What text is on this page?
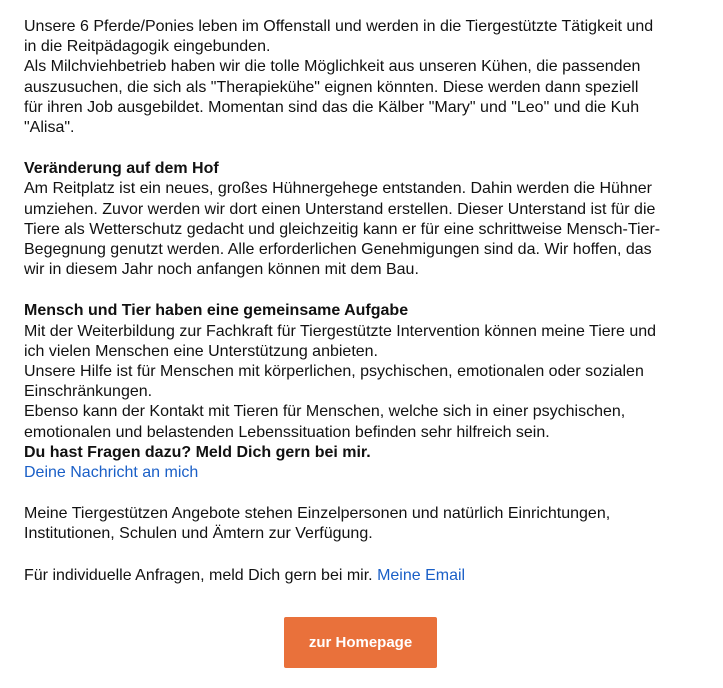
Unsere 6 Pferde/Ponies leben im Offenstall und werden in die Tiergestützte Tätigkeit und
in die Reitpädagogik eingebunden.
Als Milchviehbetrieb haben wir die tolle Möglichkeit aus unseren Kühen, die passenden
auszusuchen, die sich als "Therapiekühe" eignen könnten. Diese werden dann speziell
für ihren Job ausgebildet. Momentan sind das die Kälber "Mary" und "Leo" und die Kuh
"Alisa".

Veränderung auf dem Hof
Am Reitplatz ist ein neues, großes Hühnergehege entstanden. Dahin werden die Hühner
umziehen. Zuvor werden wir dort einen Unterstand erstellen. Dieser Unterstand ist für die
Tiere als Wetterschutz gedacht und gleichzeitig kann er für eine schrittweise Mensch-Tier-
Begegnung genutzt werden. Alle erforderlichen Genehmigungen sind da. Wir hoffen, das
wir in diesem Jahr noch anfangen können mit dem Bau.

Mensch und Tier haben eine gemeinsame Aufgabe
Mit der Weiterbildung zur Fachkraft für Tiergestützte Intervention können meine Tiere und
ich vielen Menschen eine Unterstützung anbieten.
Unsere Hilfe ist für Menschen mit körperlichen, psychischen, emotionalen oder sozialen
Einschränkungen.
Ebenso kann der Kontakt mit Tieren für Menschen, welche sich in einer psychischen,
emotionalen und belastenden Lebenssituation befinden sehr hilfreich sein.
Du hast Fragen dazu? Meld Dich gern bei mir.
Deine Nachricht an mich

Meine Tiergestützen Angebote stehen Einzelpersonen und natürlich Einrichtungen,
Institutionen, Schulen und Ämtern zur Verfügung.

Für individuelle Anfragen, meld Dich gern bei mir. Meine Email

zur Homepage
